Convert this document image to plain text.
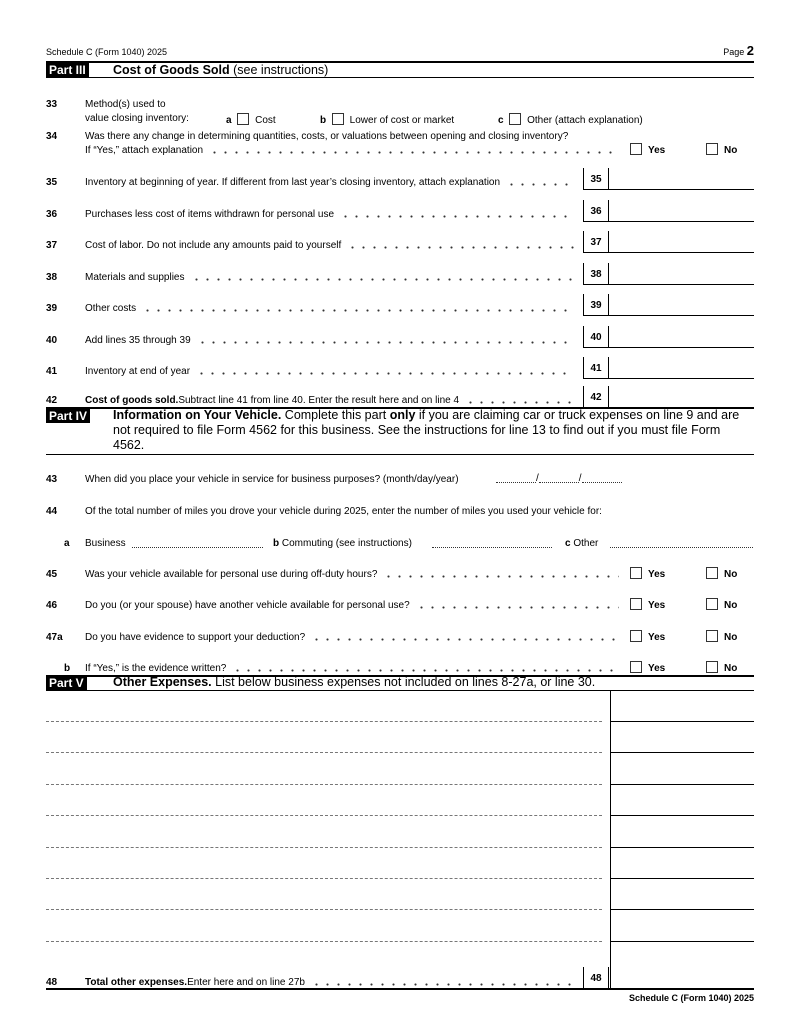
Schedule C (Form 1040) 2025	Page 2
Part III Cost of Goods Sold (see instructions)
33	Method(s) used to
value closing inventory:	a Cost	b Lower of cost or market	c Other (attach explanation)
34	Was there any change in determining quantities, costs, or valuations between opening and closing inventory?
If “Yes,” attach explanation	Yes	No
35	Inventory at beginning of year. If different from last year’s closing inventory, attach explanation	35
36	Purchases less cost of items withdrawn for personal use	36
37	Cost of labor. Do not include any amounts paid to yourself	37
38	Materials and supplies	38
39	Other costs	39
40	Add lines 35 through 39	40
41	Inventory at end of year	41
42	Cost of goods sold. Subtract line 41 from line 40. Enter the result here and on line 4	42
Part IV Information on Your Vehicle. Complete this part only if you are claiming car or truck expenses on line 9 and are not required to file Form 4562 for this business. See the instructions for line 13 to find out if you must file Form 4562.
43	When did you place your vehicle in service for business purposes? (month/day/year)	/	/
44	Of the total number of miles you drove your vehicle during 2025, enter the number of miles you used your vehicle for:
a Business	b Commuting (see instructions)	c Other
45	Was your vehicle available for personal use during off-duty hours?	Yes	No
46	Do you (or your spouse) have another vehicle available for personal use?	Yes	No
47a Do you have evidence to support your deduction?	Yes	No
b If “Yes,” is the evidence written?	Yes	No
Part V Other Expenses. List below business expenses not included on lines 8-27a, or line 30.
48	Total other expenses. Enter here and on line 27b	48
Schedule C (Form 1040) 2025
